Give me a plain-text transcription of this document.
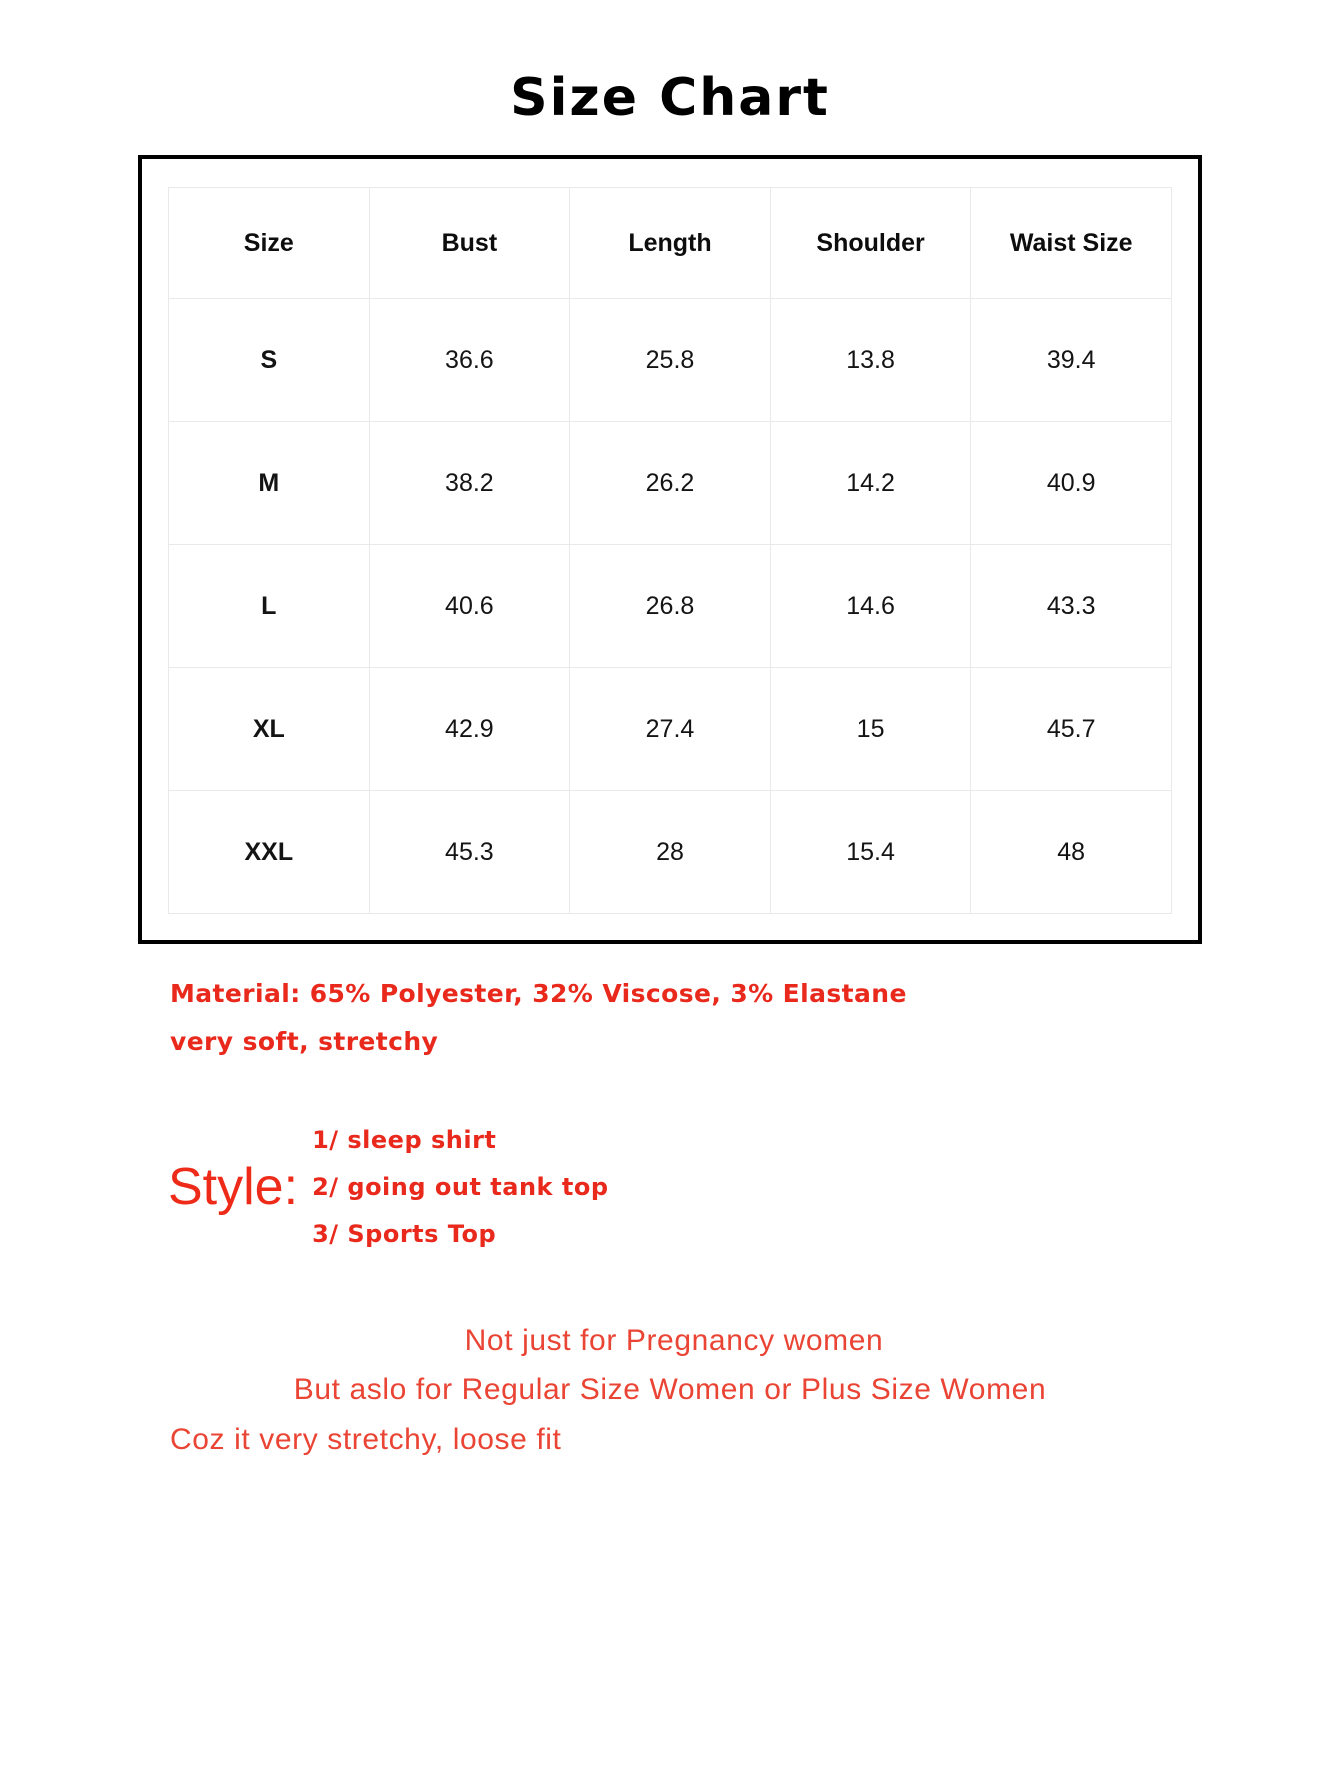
Size Chart
Size	Bust	Length	Shoulder	Waist Size
S	36.6	25.8	13.8	39.4
M	38.2	26.2	14.2	40.9
L	40.6	26.8	14.6	43.3
XL	42.9	27.4	15	45.7
XXL	45.3	28	15.4	48
Material: 65% Polyester, 32% Viscose, 3% Elastane
very soft, stretchy
Style:
1/ sleep shirt
2/ going out tank top
3/ Sports Top
Not just for Pregnancy women
But aslo for Regular Size Women or Plus Size Women
Coz it very stretchy, loose fit
